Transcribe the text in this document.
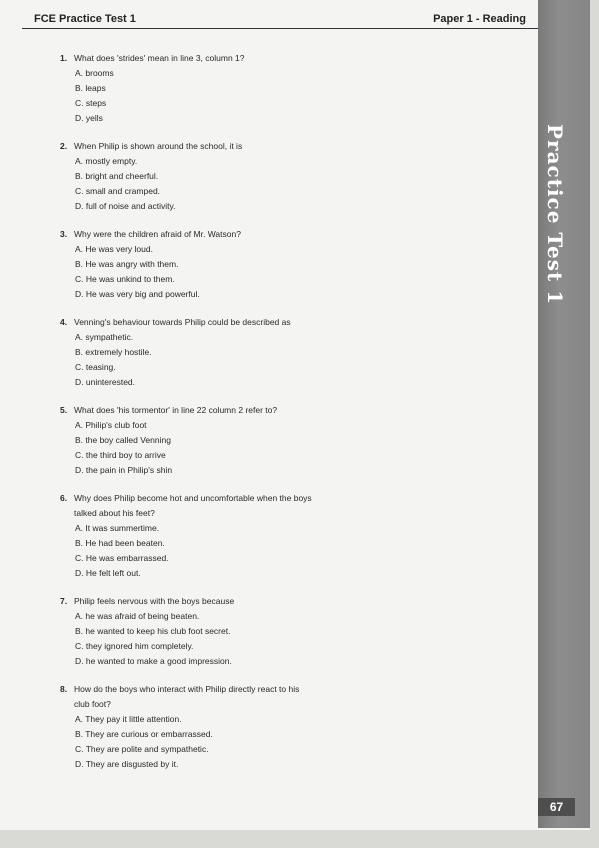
FCE Practice Test 1	Paper 1 - Reading
Practice Test 1
67
1. What does 'strides' mean in line 3, column 1?
A. brooms
B. leaps
C. steps
D. yells
2. When Philip is shown around the school, it is
A. mostly empty.
B. bright and cheerful.
C. small and cramped.
D. full of noise and activity.
3. Why were the children afraid of Mr. Watson?
A. He was very loud.
B. He was angry with them.
C. He was unkind to them.
D. He was very big and powerful.
4. Venning's behaviour towards Philip could be described as
A. sympathetic.
B. extremely hostile.
C. teasing.
D. uninterested.
5. What does 'his tormentor' in line 22 column 2 refer to?
A. Philip's club foot
B. the boy called Venning
C. the third boy to arrive
D. the pain in Philip's shin
6. Why does Philip become hot and uncomfortable when the boys talked about his feet?
A. It was summertime.
B. He had been beaten.
C. He was embarrassed.
D. He felt left out.
7. Philip feels nervous with the boys because
A. he was afraid of being beaten.
B. he wanted to keep his club foot secret.
C. they ignored him completely.
D. he wanted to make a good impression.
8. How do the boys who interact with Philip directly react to his club foot?
A. They pay it little attention.
B. They are curious or embarrassed.
C. They are polite and sympathetic.
D. They are disgusted by it.
